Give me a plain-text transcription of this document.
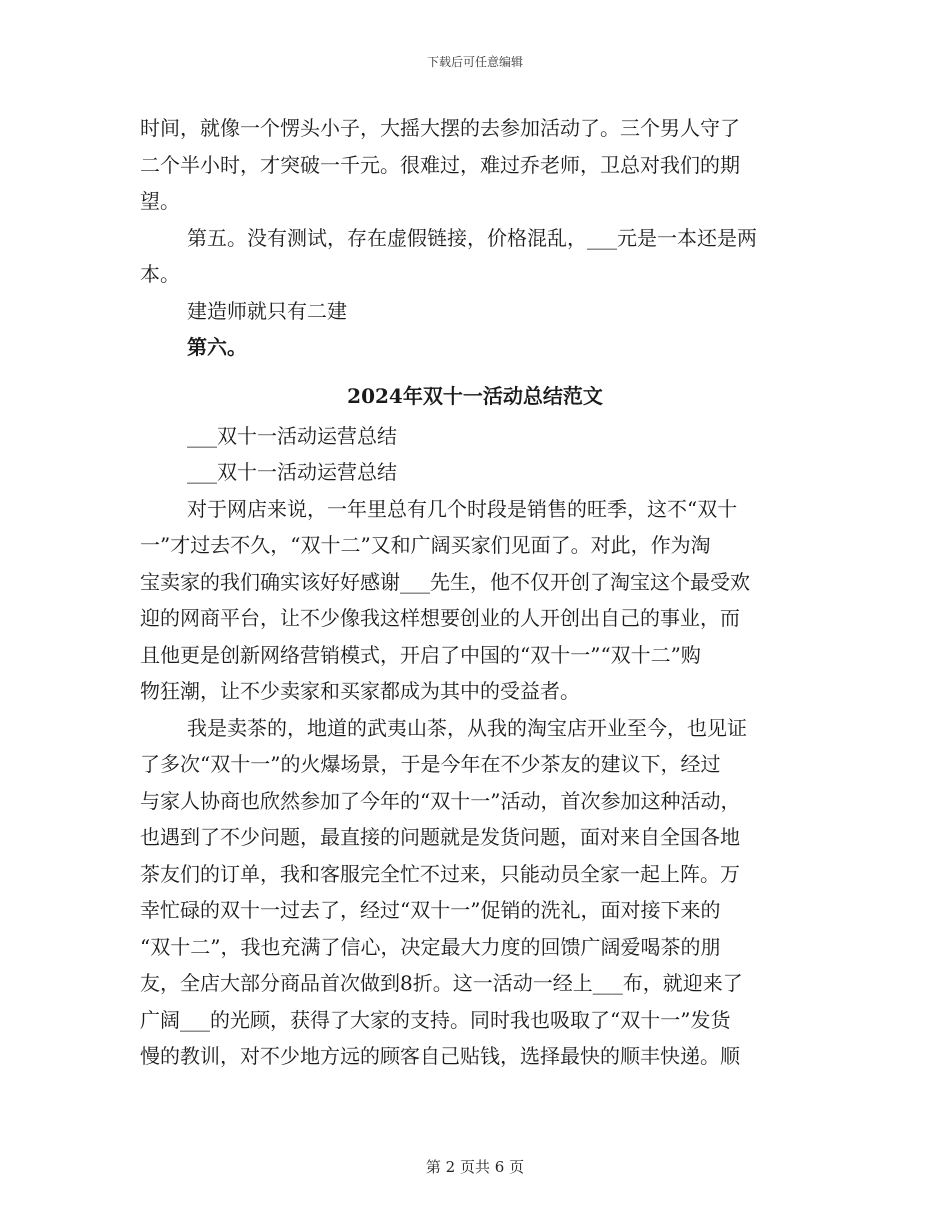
下载后可任意编辑
时间，就像一个愣头小子，大摇大摆的去参加活动了。三个男人守了
二个半小时，才突破一千元。很难过，难过乔老师，卫总对我们的期
望。
第五。没有测试，存在虚假链接，价格混乱，___元是一本还是两
本。
建造师就只有二建
第六。
2024年双十一活动总结范文
___双十一活动运营总结
___双十一活动运营总结
对于网店来说，一年里总有几个时段是销售的旺季，这不“双十
一”才过去不久，“双十二”又和广阔买家们见面了。对此，作为淘
宝卖家的我们确实该好好感谢___先生，他不仅开创了淘宝这个最受欢
迎的网商平台，让不少像我这样想要创业的人开创出自己的事业，而
且他更是创新网络营销模式，开启了中国的“双十一”“双十二”购
物狂潮，让不少卖家和买家都成为其中的受益者。
我是卖茶的，地道的武夷山茶，从我的淘宝店开业至今，也见证
了多次“双十一”的火爆场景，于是今年在不少茶友的建议下，经过
与家人协商也欣然参加了今年的“双十一”活动，首次参加这种活动，
也遇到了不少问题，最直接的问题就是发货问题，面对来自全国各地
茶友们的订单，我和客服完全忙不过来，只能动员全家一起上阵。万
幸忙碌的双十一过去了，经过“双十一”促销的洗礼，面对接下来的
“双十二”，我也充满了信心，决定最大力度的回馈广阔爱喝茶的朋
友，全店大部分商品首次做到8折。这一活动一经上___布，就迎来了
广阔___的光顾，获得了大家的支持。同时我也吸取了“双十一”发货
慢的教训，对不少地方远的顾客自己贴钱，选择最快的顺丰快递。顺
第 2 页共 6 页
